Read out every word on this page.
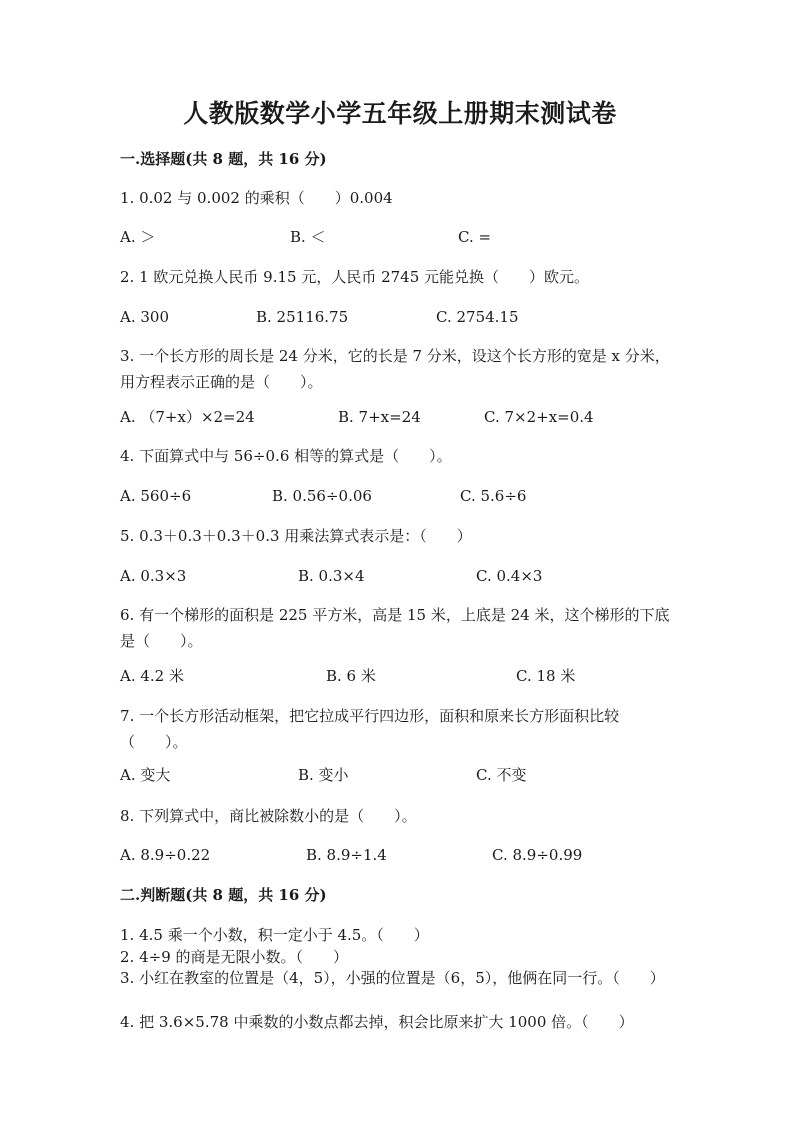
人教版数学小学五年级上册期末测试卷
一.选择题(共 8 题，共 16 分)
1. 0.02 与 0.002 的乘积（　　）0.004
A. ＞	B. ＜	C. =
2. 1 欧元兑换人民币 9.15 元，人民币 2745 元能兑换（　　）欧元。
A. 300	B. 25116.75	C. 2754.15
3. 一个长方形的周长是 24 分米，它的长是 7 分米，设这个长方形的宽是 x 分米，用方程表示正确的是（　　）。
A. （7+x）×2=24	B. 7+x=24	C. 7×2+x=0.4
4. 下面算式中与 56÷0.6 相等的算式是（　　）。
A. 560÷6	B. 0.56÷0.06	C. 5.6÷6
5. 0.3＋0.3＋0.3＋0.3 用乘法算式表示是：（　　）
A. 0.3×3	B. 0.3×4	C. 0.4×3
6. 有一个梯形的面积是 225 平方米，高是 15 米，上底是 24 米，这个梯形的下底是（　　）。
A. 4.2 米	B. 6 米	C. 18 米
7. 一个长方形活动框架，把它拉成平行四边形，面积和原来长方形面积比较（　　）。
A. 变大	B. 变小	C. 不变
8. 下列算式中，商比被除数小的是（　　）。
A. 8.9÷0.22	B. 8.9÷1.4	C. 8.9÷0.99
二.判断题(共 8 题，共 16 分)
1. 4.5 乘一个小数，积一定小于 4.5。（　　）
2. 4÷9 的商是无限小数。（　　）
3. 小红在教室的位置是（4，5），小强的位置是（6，5），他俩在同一行。（　　）
4. 把 3.6×5.78 中乘数的小数点都去掉，积会比原来扩大 1000 倍。（　　）
